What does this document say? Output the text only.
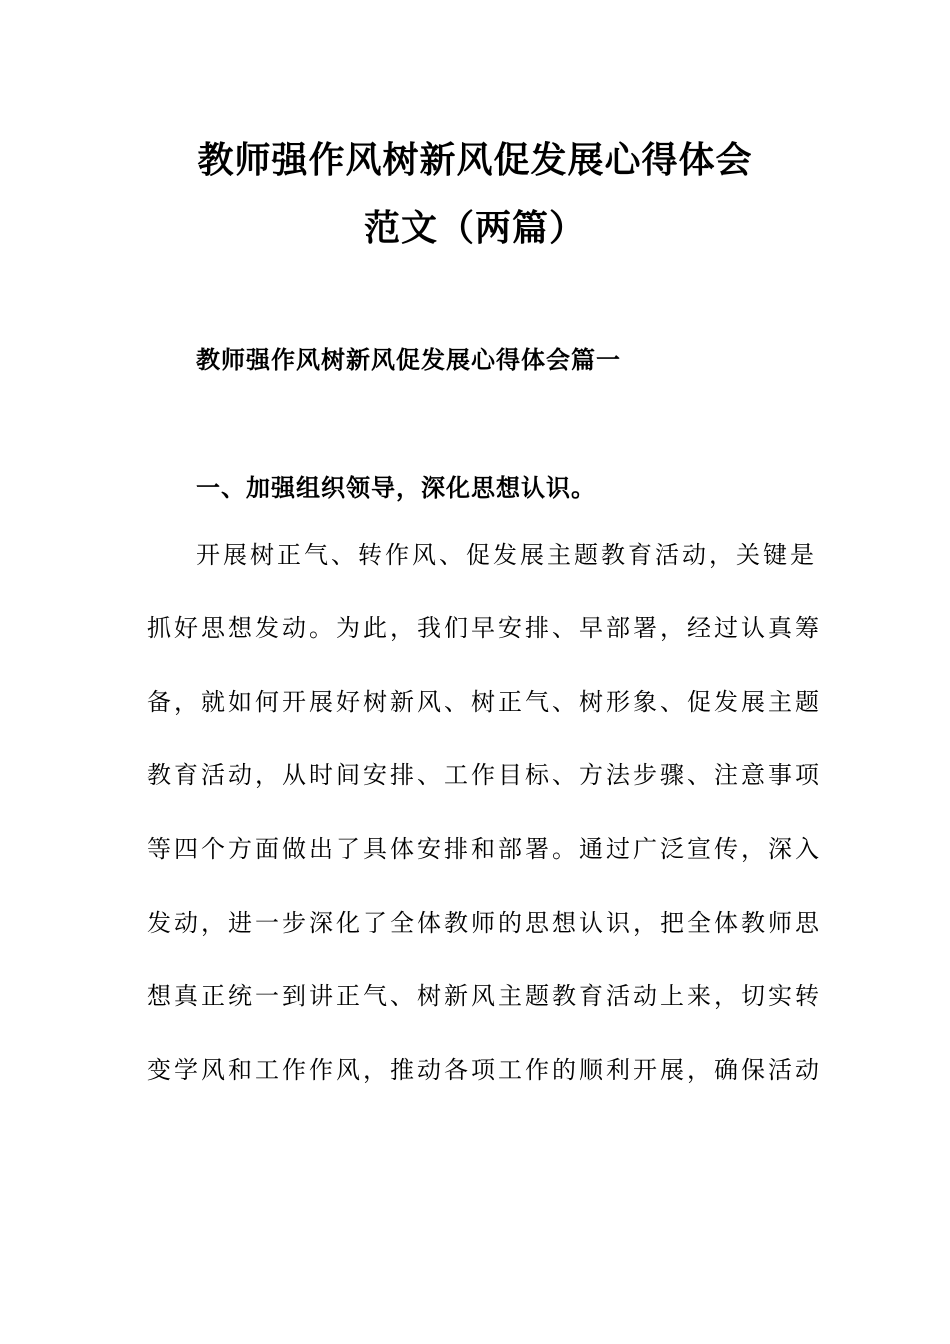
教师强作风树新风促发展心得体会
范文（两篇）
教师强作风树新风促发展心得体会篇一
一、加强组织领导，深化思想认识。
开展树正气、转作风、促发展主题教育活动，关键是
抓好思想发动。为此，我们早安排、早部署，经过认真筹
备，就如何开展好树新风、树正气、树形象、促发展主题
教育活动，从时间安排、工作目标、方法步骤、注意事项
等四个方面做出了具体安排和部署。通过广泛宣传，深入
发动，进一步深化了全体教师的思想认识，把全体教师思
想真正统一到讲正气、树新风主题教育活动上来，切实转
变学风和工作作风，推动各项工作的顺利开展，确保活动
